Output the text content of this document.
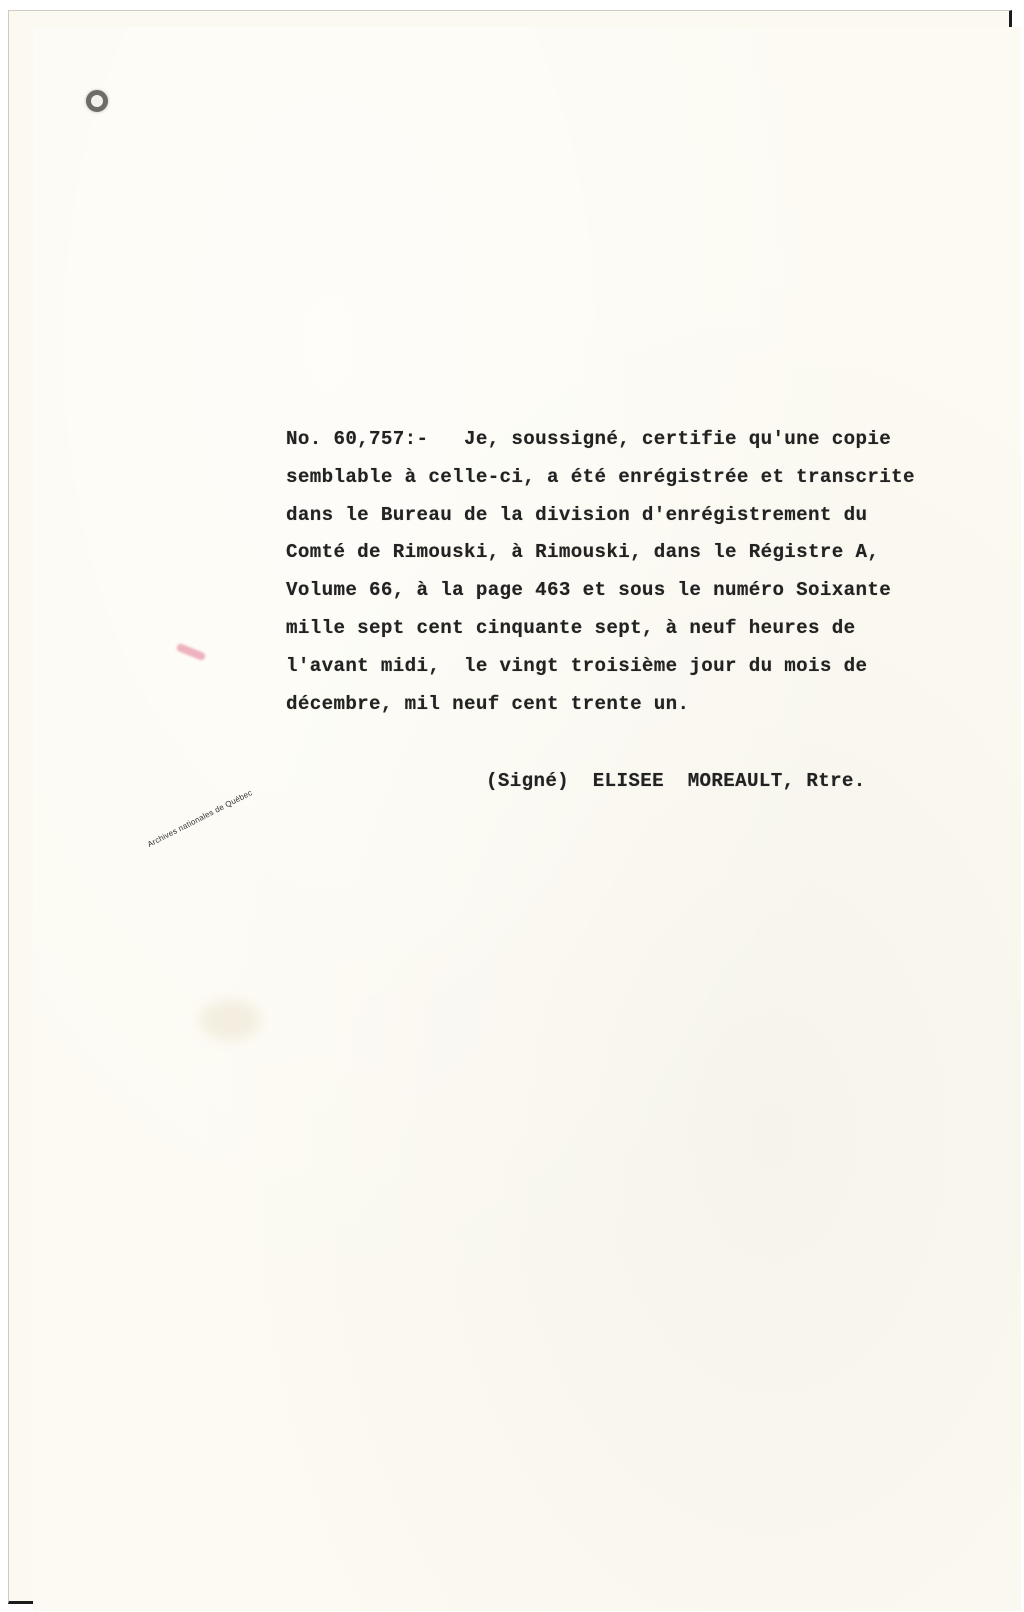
No. 60,757:-   Je, soussigné, certifie qu'une copie
semblable à celle-ci, a été enrégistrée et transcrite
dans le Bureau de la division d'enrégistrement du
Comté de Rimouski, à Rimouski, dans le Régistre A,
Volume 66, à la page 463 et sous le numéro Soixante
mille sept cent cinquante sept, à neuf heures de
l'avant midi,  le vingt troisième jour du mois de
décembre, mil neuf cent trente un.
(Signé)  ELISEE  MOREAULT, Rtre.
Archives nationales de Québec
